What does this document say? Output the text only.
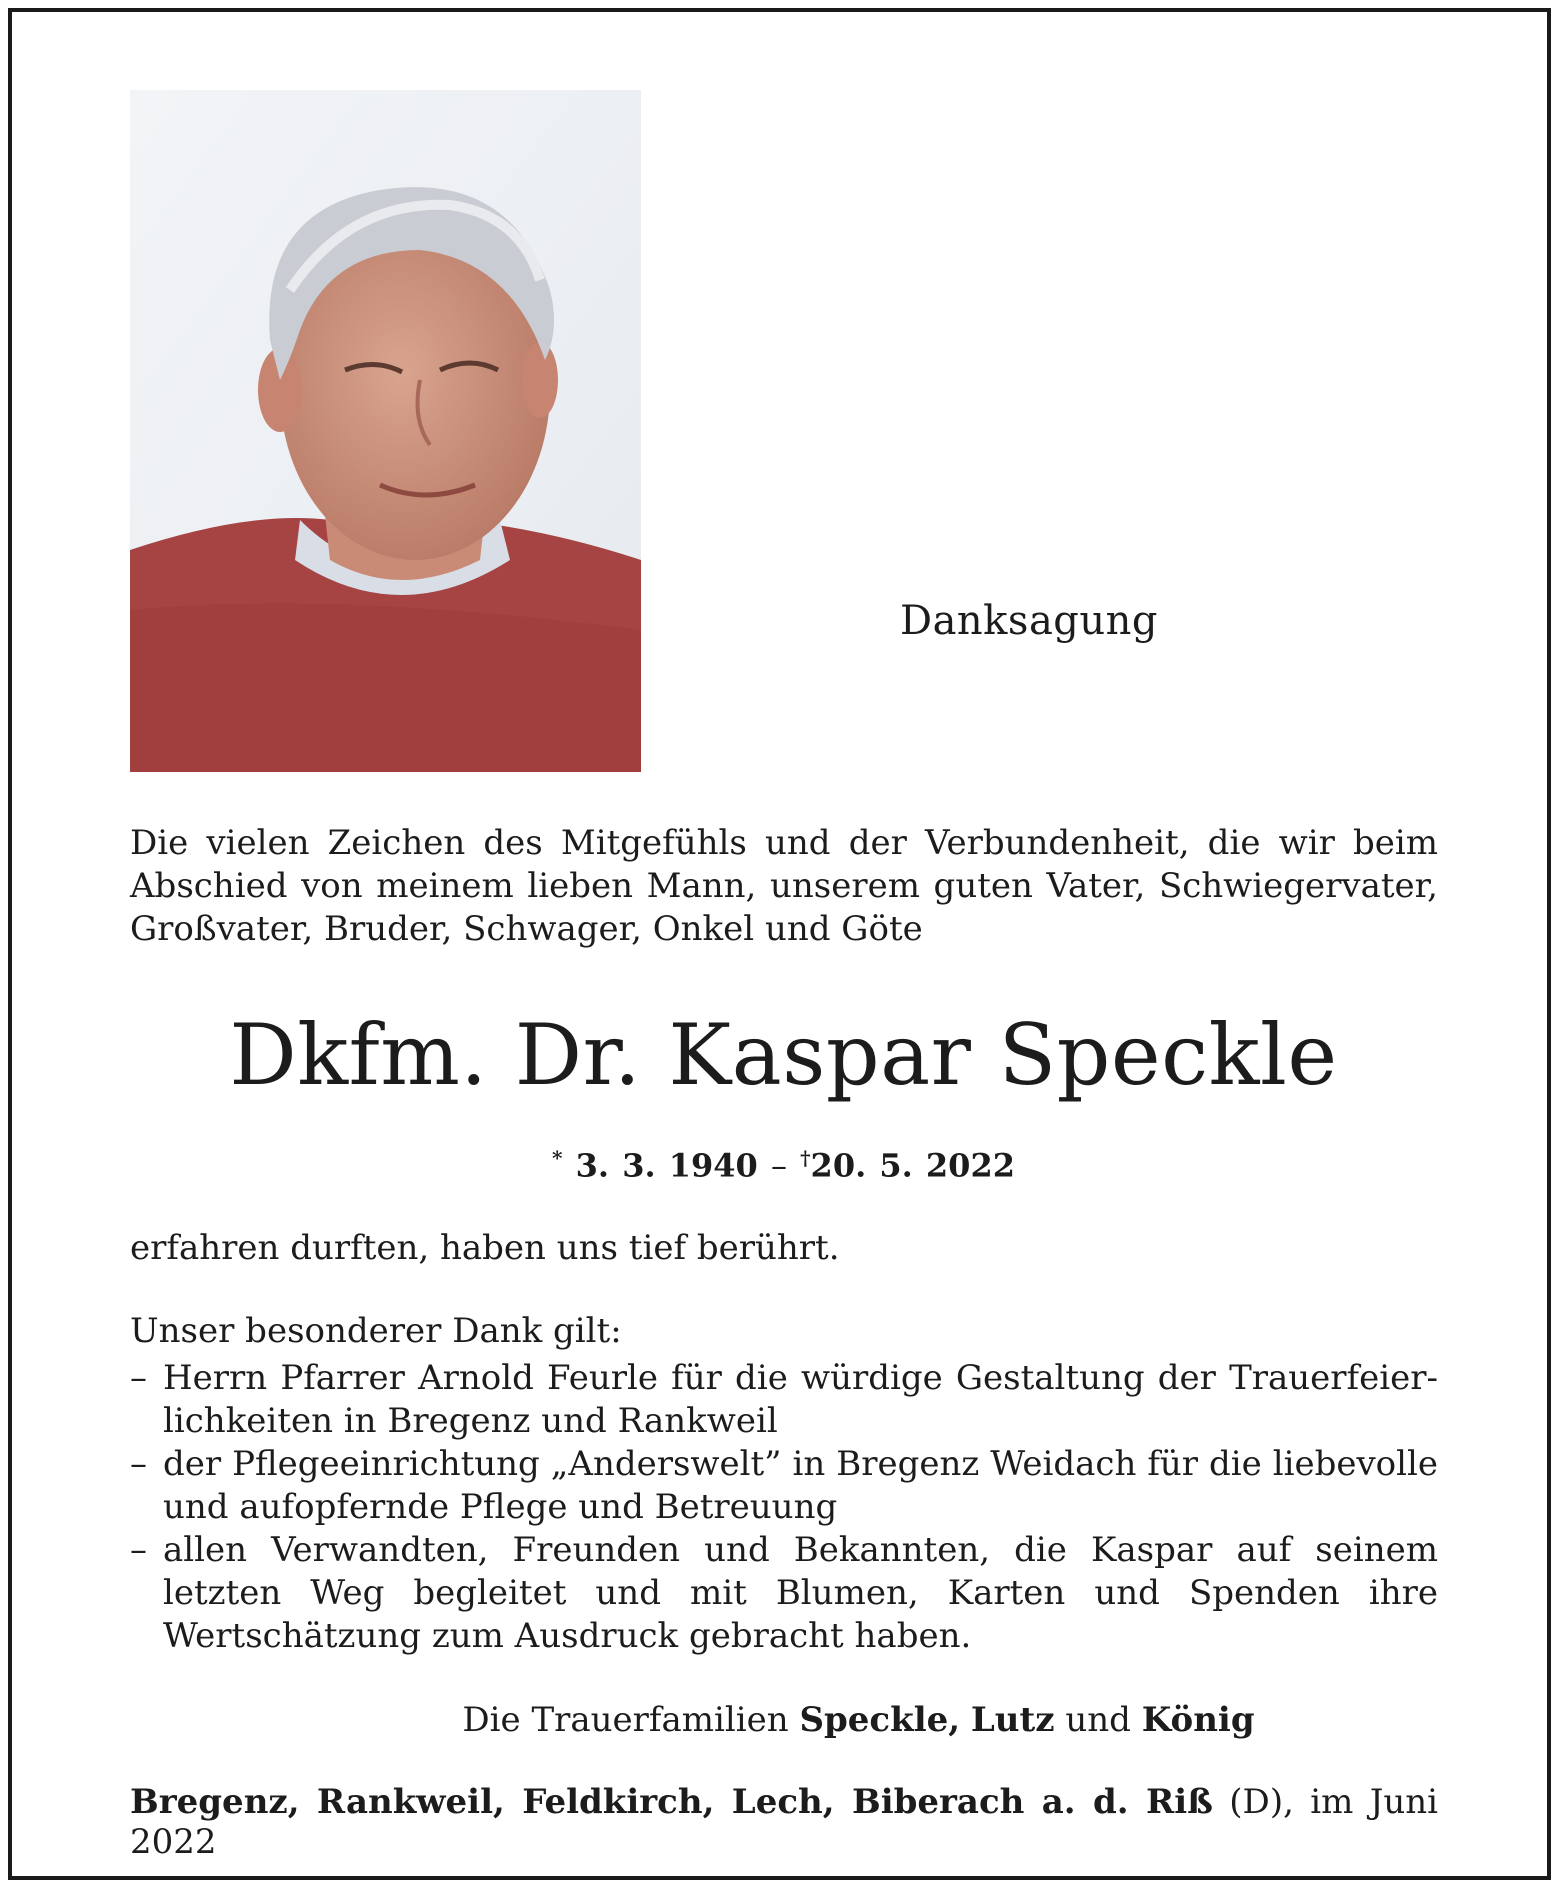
Danksagung

Die vielen Zeichen des Mitgefühls und der Verbundenheit, die wir beim

Abschied von meinem lieben Mann, unserem guten Vater, Schwiegervater,

Großvater, Bruder, Schwager, Onkel und Göte

Dkfm. Dr. Kaspar Speckle
* 3. 3. 1940 – †20. 5. 2022
erfahren durften, haben uns tief berührt.

Unser besonderer Dank gilt:

– Herrn Pfarrer Arnold Feurle für die würdige Gestaltung der Trauerfeier-lichkeiten in Bregenz und Rankweil
– der Pflegeeinrichtung „Anderswelt” in Bregenz Weidach für die liebevolle und aufopfernde Pflege und Betreuung
– allen Verwandten, Freunden und Bekannten, die Kaspar auf seinem letzten Weg begleitet und mit Blumen, Karten und Spenden ihre Wertschätzung zum Ausdruck gebracht haben.
Die Trauerfamilien Speckle, Lutz und König
Bregenz, Rankweil, Feldkirch, Lech, Biberach a. d. Riß (D), im Juni 2022
